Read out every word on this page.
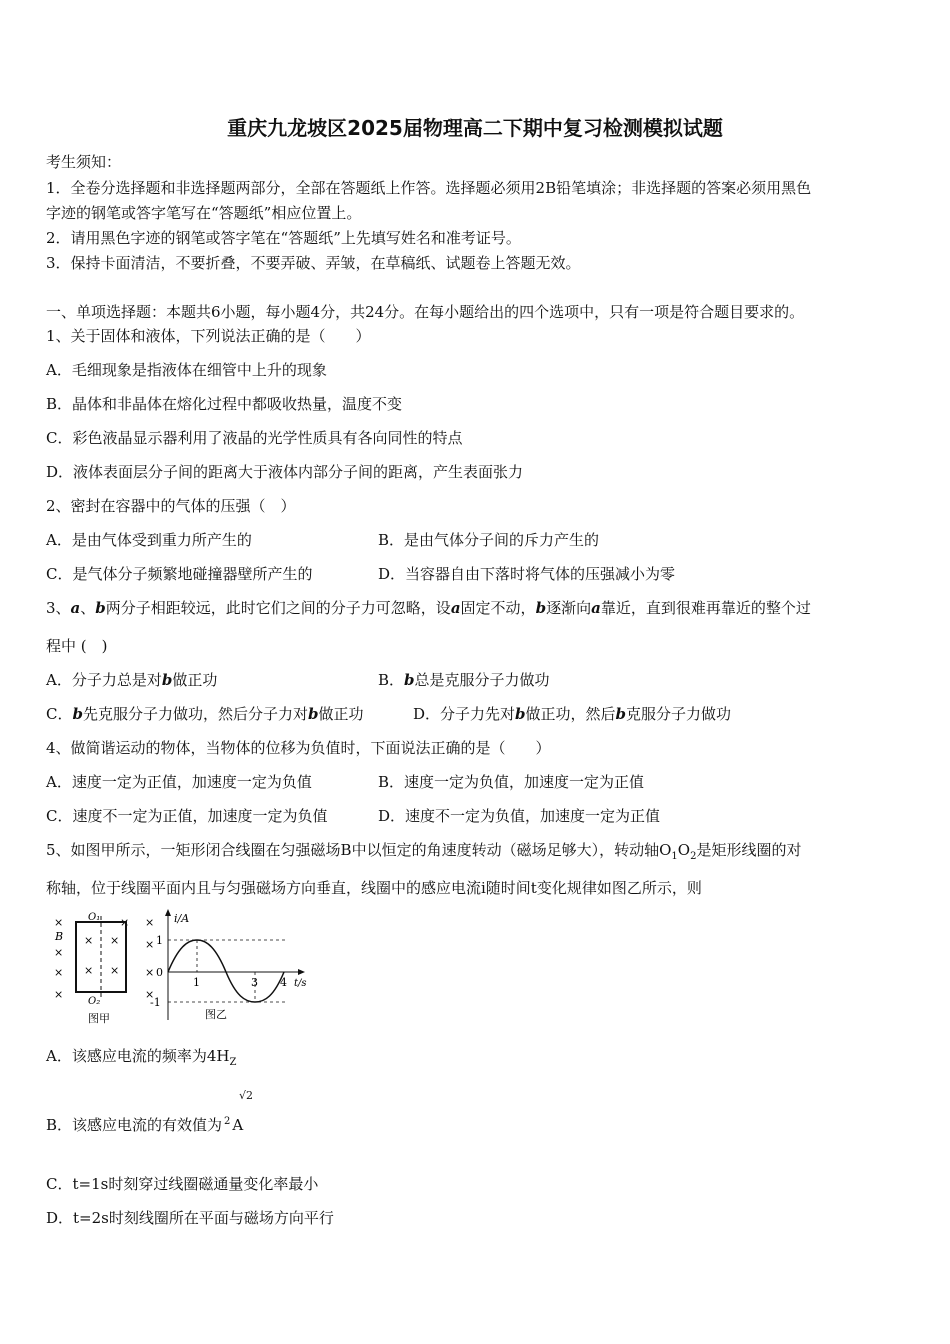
重庆九龙坡区2025届物理高二下期中复习检测模拟试题
考生须知：
1．全卷分选择题和非选择题两部分，全部在答题纸上作答。选择题必须用2B铅笔填涂；非选择题的答案必须用黑色
字迹的钢笔或答字笔写在“答题纸”相应位置上。
2．请用黑色字迹的钢笔或答字笔在“答题纸”上先填写姓名和准考证号。
3．保持卡面清洁，不要折叠，不要弄破、弄皱，在草稿纸、试题卷上答题无效。
一、单项选择题：本题共6小题，每小题4分，共24分。在每小题给出的四个选项中，只有一项是符合题目要求的。
1、关于固体和液体，下列说法正确的是（　　）
A．毛细现象是指液体在细管中上升的现象
B．晶体和非晶体在熔化过程中都吸收热量，温度不变
C．彩色液晶显示器利用了液晶的光学性质具有各向同性的特点
D．液体表面层分子间的距离大于液体内部分子间的距离，产生表面张力
2、密封在容器中的气体的压强（　）
A．是由气体受到重力所产生的	B．是由气体分子间的斥力产生的
C．是气体分子频繁地碰撞器壁所产生的	D．当容器自由下落时将气体的压强减小为零
3、a、b两分子相距较远，此时它们之间的分子力可忽略，设a固定不动，b逐渐向a靠近，直到很难再靠近的整个过
程中 (　)
A．分子力总是对b做正功	B．b总是克服分子力做功
C．b先克服分子力做功，然后分子力对b做正功	D．分子力先对b做正功，然后b克服分子力做功
4、做简谐运动的物体，当物体的位移为负值时，下面说法正确的是（　　）
A．速度一定为正值，加速度一定为负值	B．速度一定为负值，加速度一定为正值
C．速度不一定为正值，加速度一定为负值	D．速度不一定为负值，加速度一定为正值
5、如图甲所示，一矩形闭合线圈在匀强磁场B中以恒定的角速度转动（磁场足够大），转动轴$O_1O_2$是矩形线圈的对
称轴，位于线圈平面内且与匀强磁场方向垂直，线圈中的感应电流i随时间t变化规律如图乙所示，则
B
×
×
×
×
× ×
×
×
×
× ×
× ×
O₁
O₂
图甲
i/A
t/s
1
0
-1
1	3 4
图乙
A．该感应电流的频率为$4H_Z$
√2
B．该感应电流的有效值为 $^2$ A
C．t=1s时刻穿过线圈磁通量变化率最小
D．t=2s时刻线圈所在平面与磁场方向平行
